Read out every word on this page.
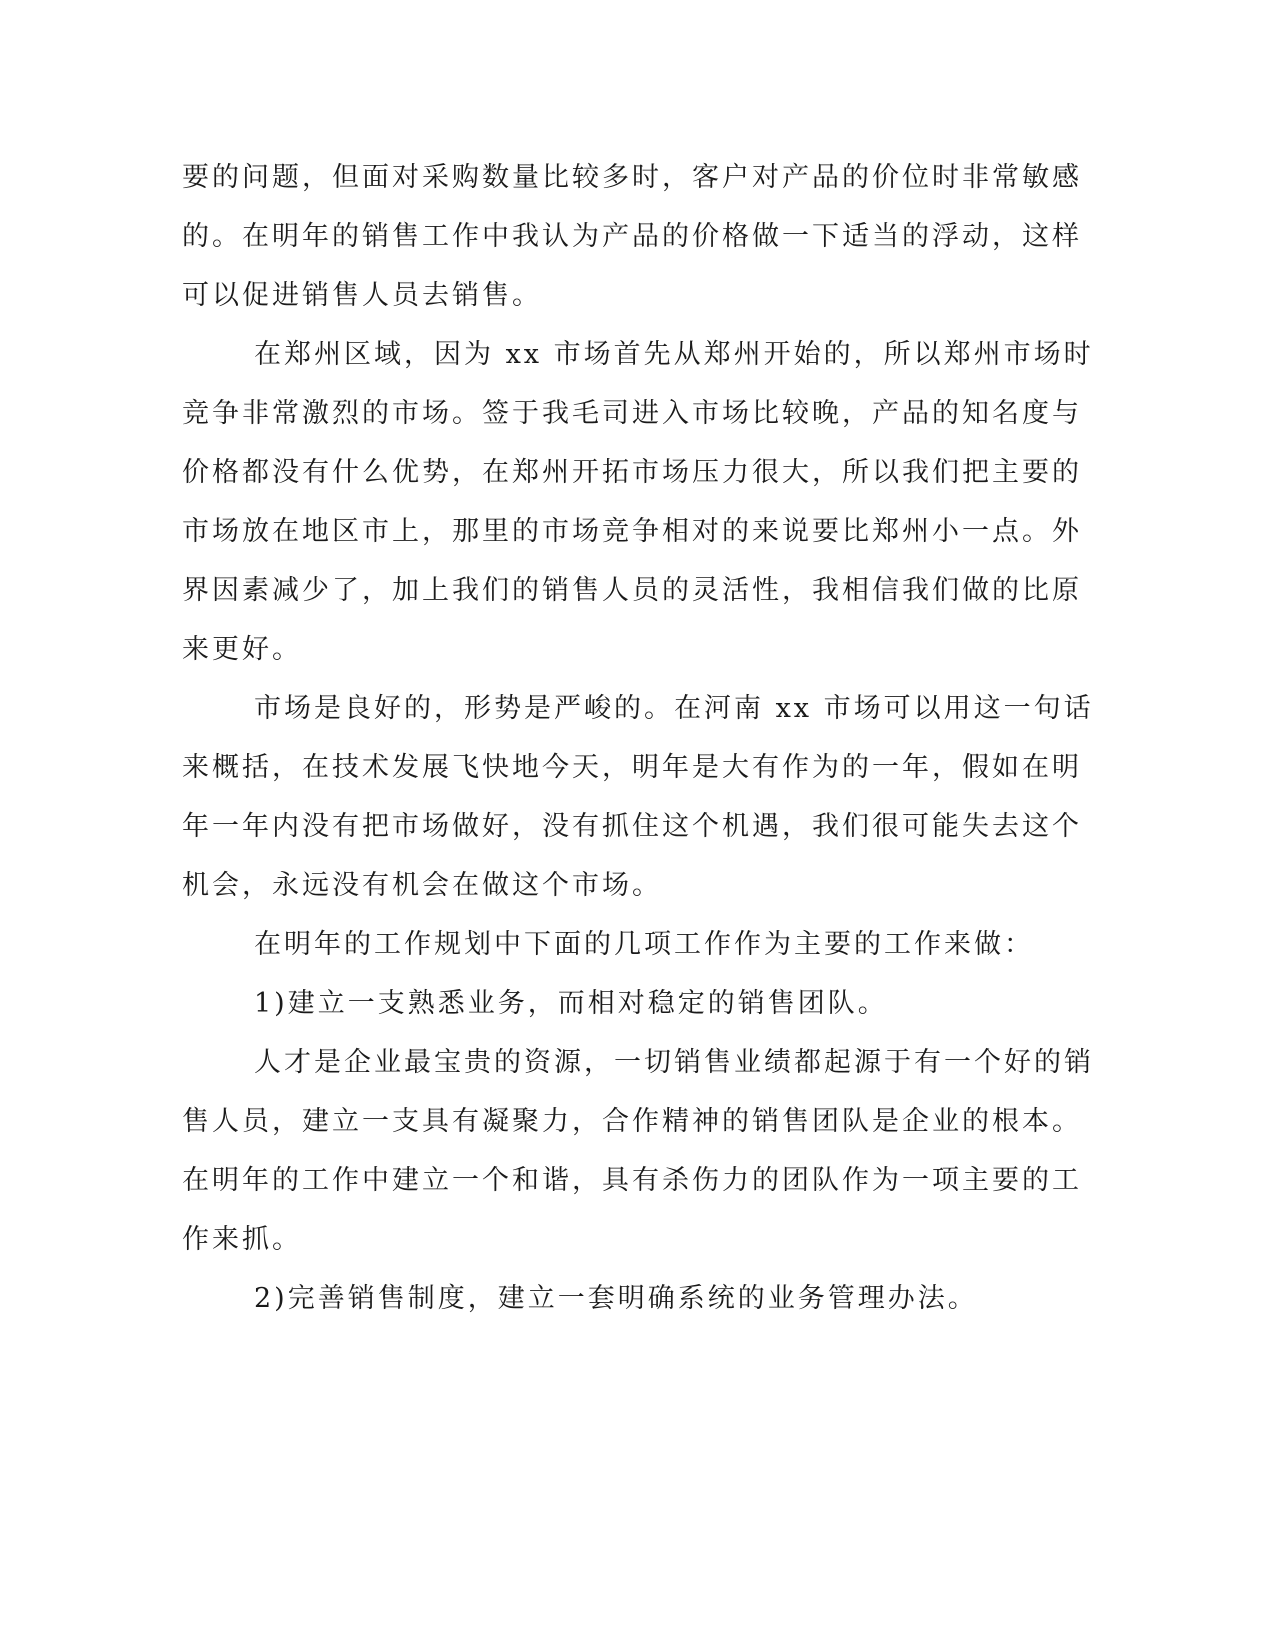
要的问题，但面对采购数量比较多时，客户对产品的价位时非常敏感
的。在明年的销售工作中我认为产品的价格做一下适当的浮动，这样
可以促进销售人员去销售。
在郑州区域，因为 xx 市场首先从郑州开始的，所以郑州市场时
竞争非常激烈的市场。签于我毛司进入市场比较晚，产品的知名度与
价格都没有什么优势，在郑州开拓市场压力很大，所以我们把主要的
市场放在地区市上，那里的市场竞争相对的来说要比郑州小一点。外
界因素减少了，加上我们的销售人员的灵活性，我相信我们做的比原
来更好。
市场是良好的，形势是严峻的。在河南 xx 市场可以用这一句话
来概括，在技术发展飞快地今天，明年是大有作为的一年，假如在明
年一年内没有把市场做好，没有抓住这个机遇，我们很可能失去这个
机会，永远没有机会在做这个市场。
在明年的工作规划中下面的几项工作作为主要的工作来做：
1)建立一支熟悉业务，而相对稳定的销售团队。
人才是企业最宝贵的资源，一切销售业绩都起源于有一个好的销
售人员，建立一支具有凝聚力，合作精神的销售团队是企业的根本。
在明年的工作中建立一个和谐，具有杀伤力的团队作为一项主要的工
作来抓。
2)完善销售制度，建立一套明确系统的业务管理办法。
